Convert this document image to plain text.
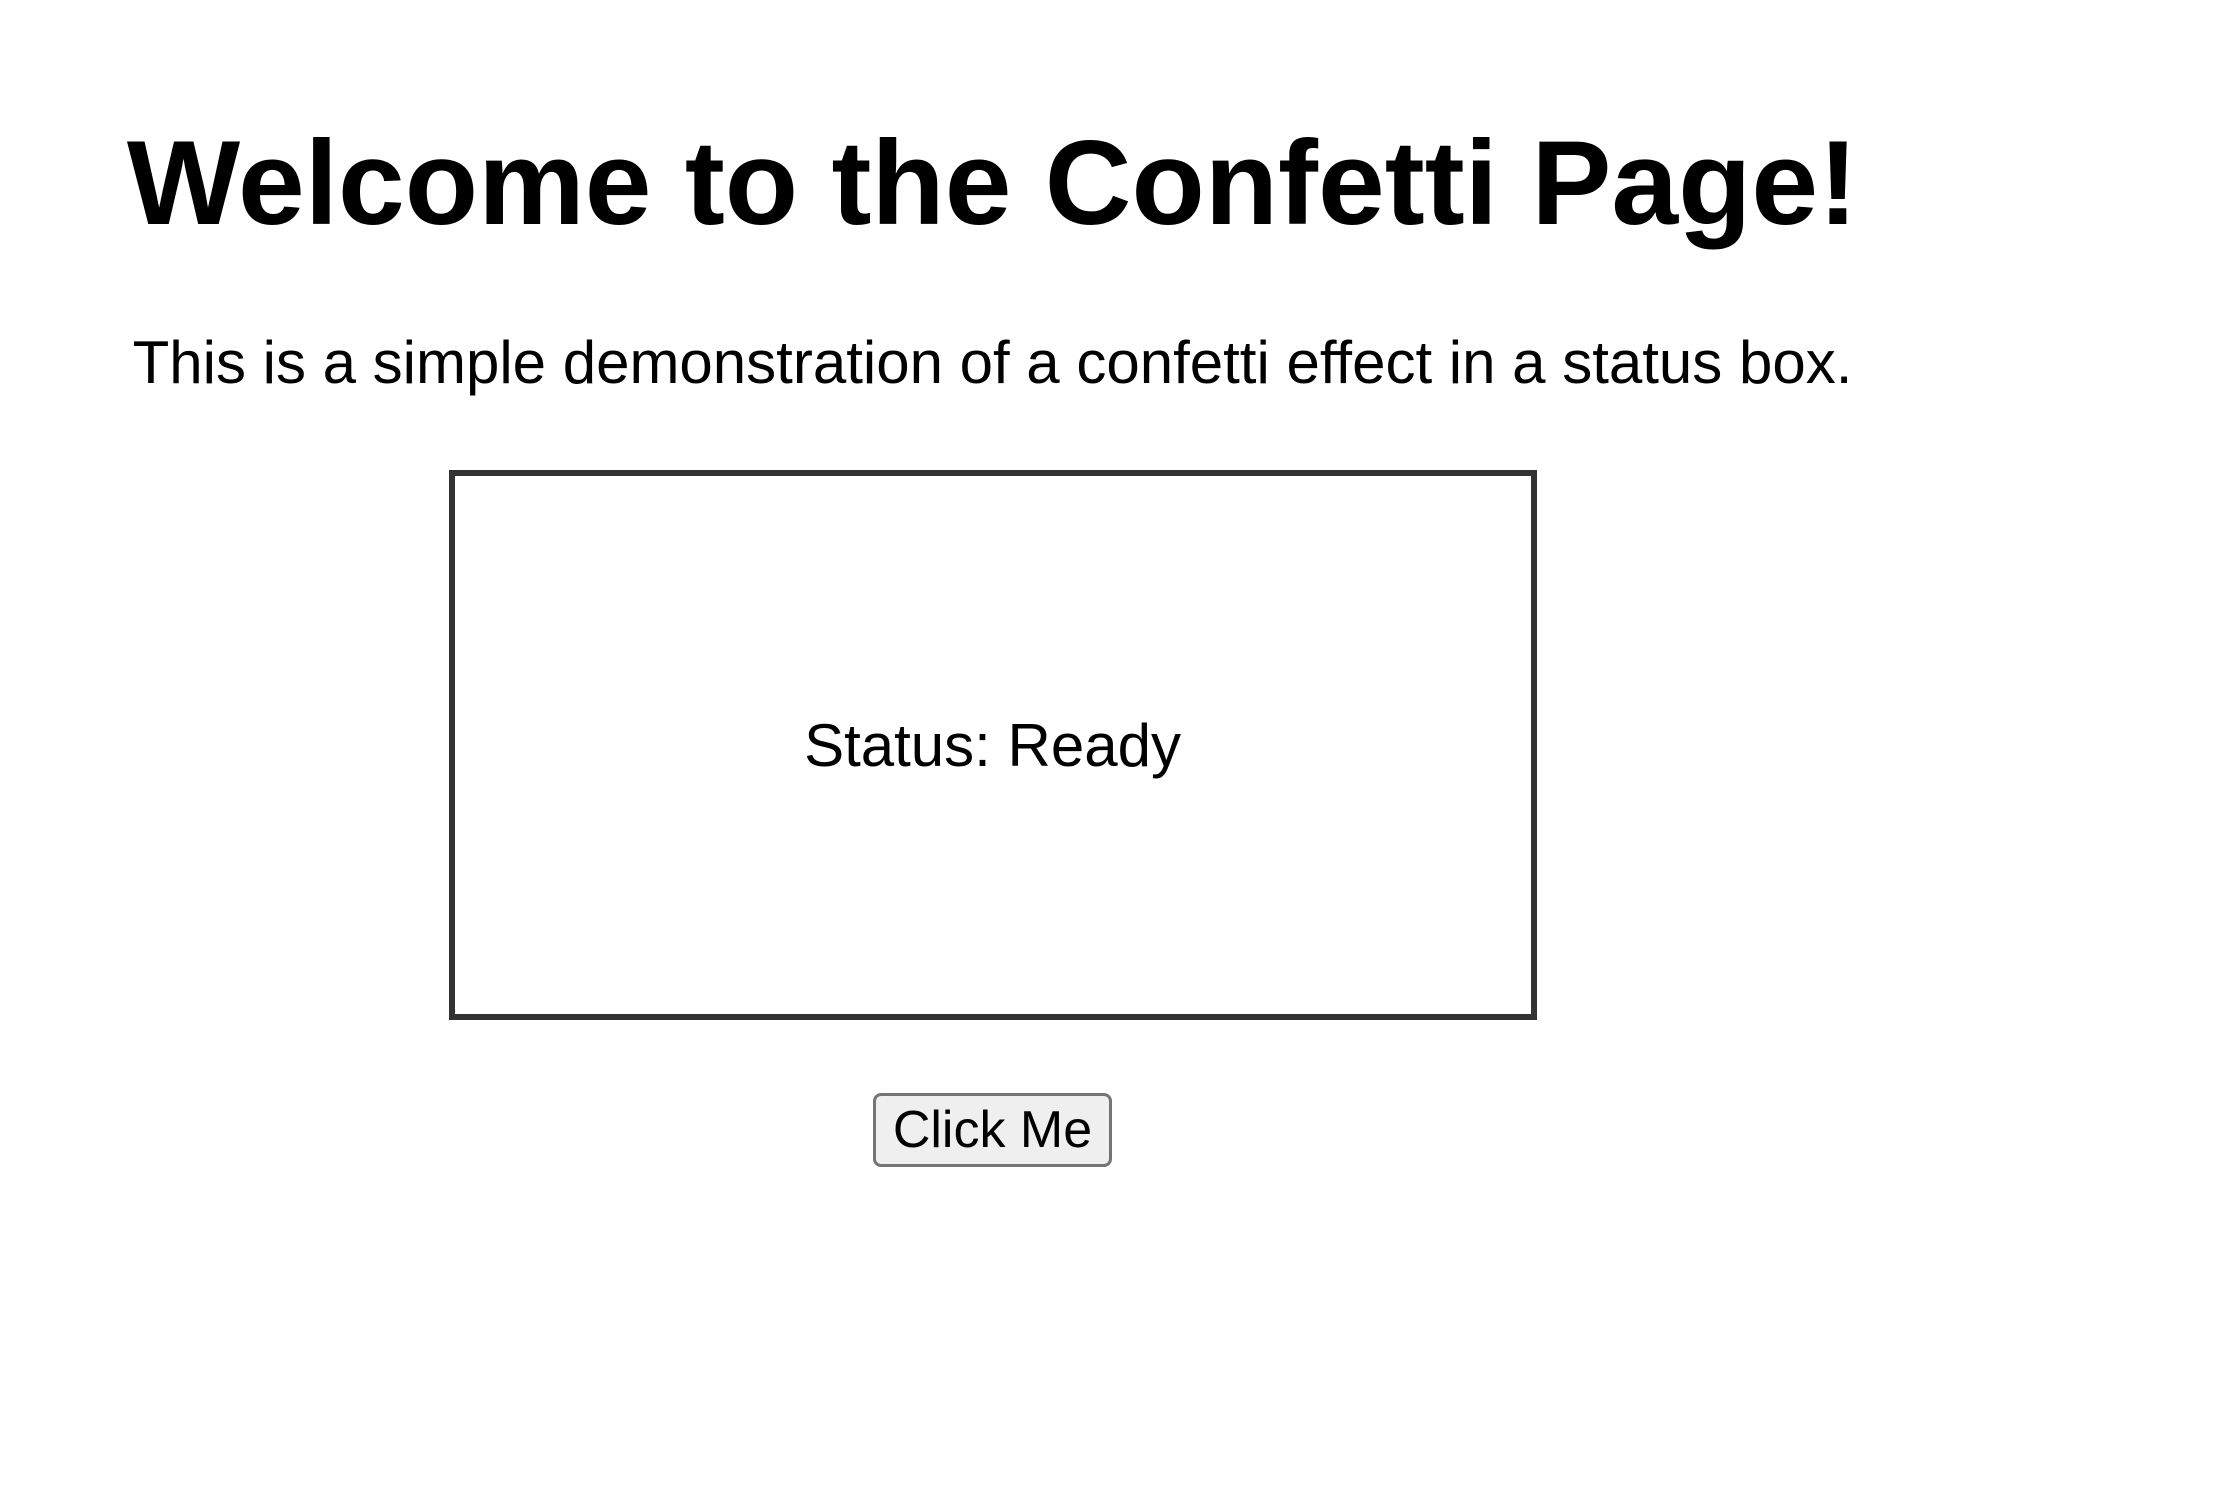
Welcome to the Confetti Page!

This is a simple demonstration of a confetti effect in a status box.

Status: Ready
Click Me
